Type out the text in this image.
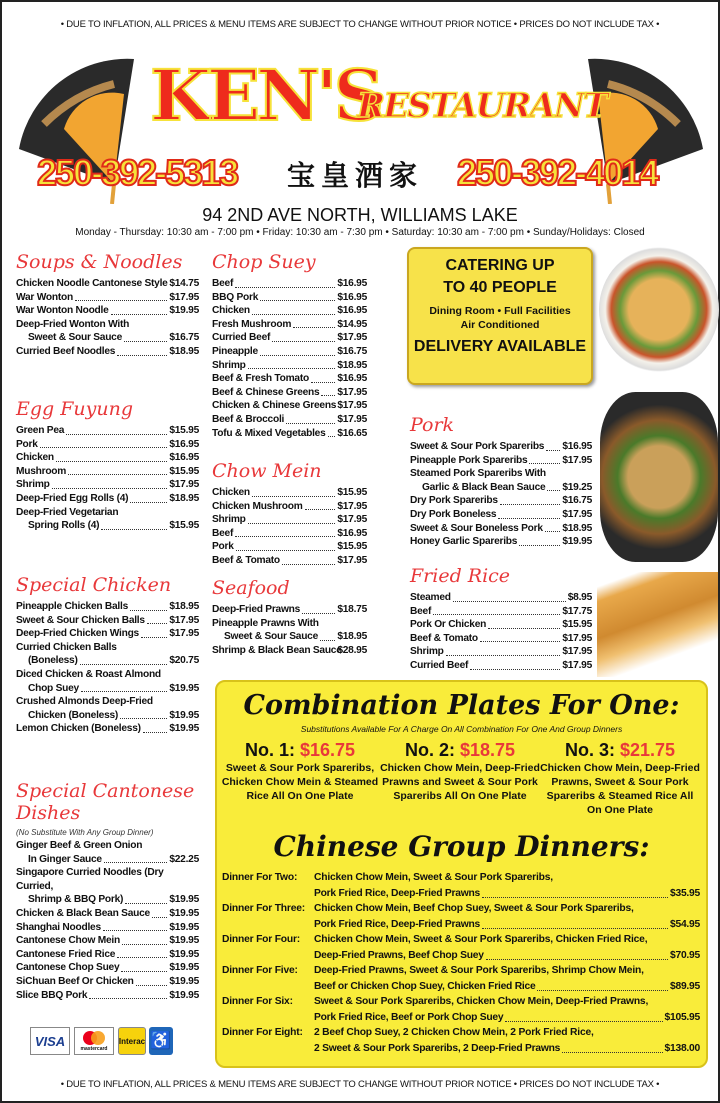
• DUE TO INFLATION, ALL PRICES & MENU ITEMS ARE SUBJECT TO CHANGE WITHOUT PRIOR NOTICE • PRICES DO NOT INCLUDE TAX •
KEN'S
RESTAURANT
250-392-5313 宝皇酒家 250-392-4014
94 2ND AVE NORTH, WILLIAMS LAKE
Monday - Thursday: 10:30 am - 7:00 pm • Friday: 10:30 am - 7:30 pm • Saturday: 10:30 am - 7:00 pm • Sunday/Holidays: Closed
Soups & Noodles
Chicken Noodle Cantonese Style $14.75
War Wonton	$17.95
War Wonton Noodle	$19.95
Deep-Fried Wonton With
Sweet & Sour Sauce	$16.75
Curried Beef Noodles	$18.95
Egg Fuyung
Green Pea	$15.95
Pork	$16.95
Chicken	$16.95
Mushroom	$15.95
Shrimp	$17.95
Deep-Fried Egg Rolls (4)	$18.95
Deep-Fried Vegetarian
Spring Rolls (4)	$15.95
Special Chicken
Pineapple Chicken Balls	$18.95
Sweet & Sour Chicken Balls $17.95
Deep-Fried Chicken Wings	$17.95
Curried Chicken Balls
(Boneless)	$20.75
Diced Chicken & Roast Almond
Chop Suey	$19.95
Crushed Almonds Deep-Fried
Chicken (Boneless)	$19.95
Lemon Chicken (Boneless)	$19.95
Special Cantonese Dishes
(No Substitute With Any Group Dinner)
Ginger Beef & Green Onion
In Ginger Sauce	$22.25
Singapore Curried Noodles (Dry Curried,
Shrimp & BBQ Pork)	$19.95
Chicken & Black Bean Sauce $19.95
Shanghai Noodles	$19.95
Cantonese Chow Mein	$19.95
Cantonese Fried Rice	$19.95
Cantonese Chop Suey	$19.95
SiChuan Beef Or Chicken	$19.95
Slice BBQ Pork	$19.95
Chop Suey
Beef	$16.95
BBQ Pork	$16.95
Chicken	$16.95
Fresh Mushroom	$14.95
Curried Beef	$17.95
Pineapple	$16.75
Shrimp	$18.95
Beef & Fresh Tomato	$16.95
Beef & Chinese Greens $17.95
Chicken & Chinese Greens $17.95
Beef & Broccoli	$17.95
Tofu & Mixed Vegetables $16.65
Chow Mein
Chicken	$15.95
Chicken Mushroom	$17.95
Shrimp	$17.95
Beef	$16.95
Pork	$15.95
Beef & Tomato	$17.95
Seafood
Deep-Fried Prawns	$18.75
Pineapple Prawns With
Sweet & Sour Sauce $18.95
Shrimp & Black Bean Sauce
$28.95
Pork
Sweet & Sour Pork Spareribs $16.95
Pineapple Pork Spareribs	$17.95
Steamed Pork Spareribs With
Garlic & Black Bean Sauce $19.25
Dry Pork Spareribs	$16.75
Dry Pork Boneless	$17.95
Sweet & Sour Boneless Pork $18.95
Honey Garlic Spareribs	$19.95
Fried Rice
Steamed	$8.95
Beef	$17.75
Pork Or Chicken	$15.95
Beef & Tomato	$17.95
Shrimp	$17.95
Curried Beef	$17.95
CATERING UP
TO 40 PEOPLE
Dining Room • Full Facilities
Air Conditioned
DELIVERY AVAILABLE
Combination Plates For One:
Substitutions Available For A Charge On All Combination For One And Group Dinners
No. 1: $16.75
Sweet & Sour Pork Spareribs, Chicken Chow Mein & Steamed Rice All On One Plate
No. 2: $18.75
Chicken Chow Mein, Deep-Fried Prawns and Sweet & Sour Pork Spareribs All On One Plate
No. 3: $21.75
Chicken Chow Mein, Deep-Fried Prawns, Sweet & Sour Pork Spareribs & Steamed Rice All On One Plate
Chinese Group Dinners:
Dinner For Two:	Chicken Chow Mein, Sweet & Sour Pork Spareribs,
Pork Fried Rice, Deep-Fried Prawns	$35.95
Dinner For Three: Chicken Chow Mein, Beef Chop Suey, Sweet & Sour Pork Spareribs,
Pork Fried Rice, Deep-Fried Prawns	$54.95
Dinner For Four:	Chicken Chow Mein, Sweet & Sour Pork Spareribs, Chicken Fried Rice,
Deep-Fried Prawns, Beef Chop Suey	$70.95
Dinner For Five:	Deep-Fried Prawns, Sweet & Sour Pork Spareribs, Shrimp Chow Mein,
Beef or Chicken Chop Suey, Chicken Fried Rice	$89.95
Dinner For Six:	Sweet & Sour Pork Spareribs, Chicken Chow Mein, Deep-Fried Prawns,
Pork Fried Rice, Beef or Pork Chop Suey	$105.95
Dinner For Eight:	2 Beef Chop Suey, 2 Chicken Chow Mein, 2 Pork Fried Rice,
2 Sweet & Sour Pork Spareribs, 2 Deep-Fried Prawns	$138.00
VISA
mastercard
Interac ♿
• DUE TO INFLATION, ALL PRICES & MENU ITEMS ARE SUBJECT TO CHANGE WITHOUT PRIOR NOTICE • PRICES DO NOT INCLUDE TAX •
